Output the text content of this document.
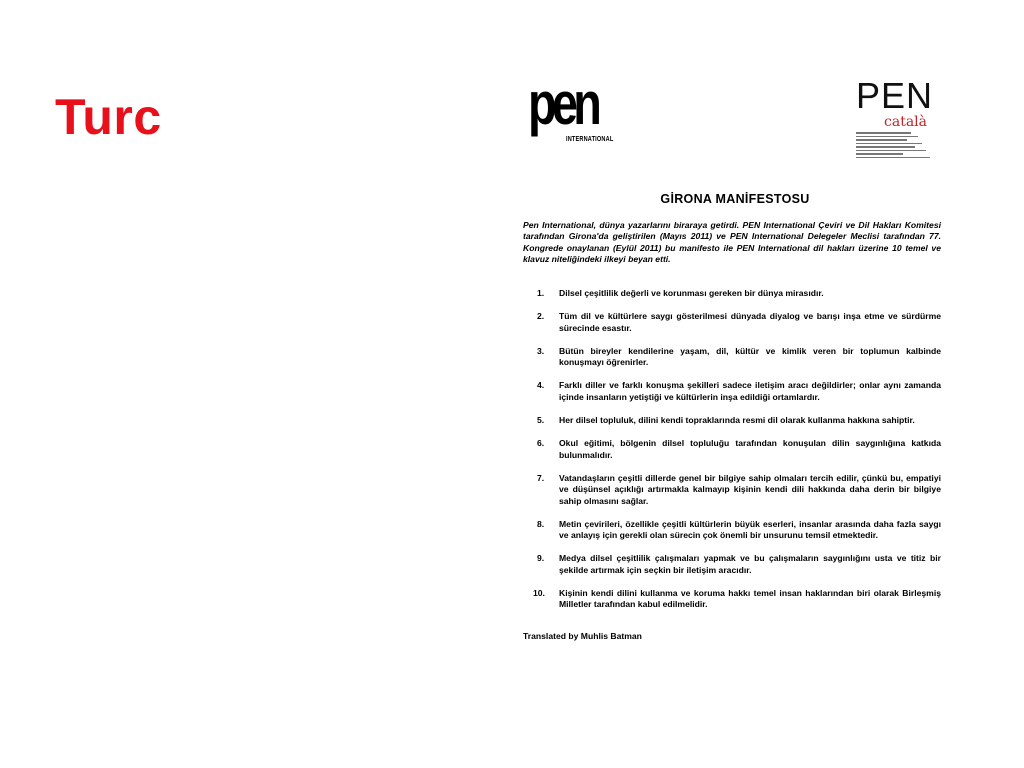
Turc	pen
INTERNATIONAL
PEN
català
GİRONA MANİFESTOSU
Pen International, dünya yazarlarını biraraya getirdi. PEN International Çeviri ve Dil Hakları Komitesi tarafından Girona'da geliştirilen (Mayıs 2011) ve PEN International Delegeler Meclisi tarafından 77. Kongrede onaylanan (Eylül 2011) bu manifesto ile PEN International dil hakları üzerine 10 temel ve klavuz niteliğindeki ilkeyi beyan etti.
1. Dilsel çeşitlilik değerli ve korunması gereken bir dünya mirasıdır.
2. Tüm dil ve kültürlere saygı gösterilmesi dünyada diyalog ve barışı inşa etme ve sürdürme sürecinde esastır.
3. Bütün bireyler kendilerine yaşam, dil, kültür ve kimlik veren bir toplumun kalbinde konuşmayı öğrenirler.
4. Farklı diller ve farklı konuşma şekilleri sadece iletişim aracı değildirler; onlar aynı zamanda içinde insanların yetiştiği ve kültürlerin inşa edildiği ortamlardır.
5. Her dilsel topluluk, dilini kendi topraklarında resmi dil olarak kullanma hakkına sahiptir.
6. Okul eğitimi, bölgenin dilsel topluluğu tarafından konuşulan dilin saygınlığına katkıda bulunmalıdır.
7. Vatandaşların çeşitli dillerde genel bir bilgiye sahip olmaları tercih edilir, çünkü bu, empatiyi ve düşünsel açıklığı artırmakla kalmayıp kişinin kendi dili hakkında daha derin bir bilgiye sahip olmasını sağlar.
8. Metin çevirileri, özellikle çeşitli kültürlerin büyük eserleri, insanlar arasında daha fazla saygı ve anlayış için gerekli olan sürecin çok önemli bir unsurunu temsil etmektedir.
9. Medya dilsel çeşitlilik çalışmaları yapmak ve bu çalışmaların saygınlığını usta ve titiz bir şekilde artırmak için seçkin bir iletişim aracıdır.
10. Kişinin kendi dilini kullanma ve koruma hakkı temel insan haklarından biri olarak Birleşmiş Milletler tarafından kabul edilmelidir.
Translated by Muhlis Batman
